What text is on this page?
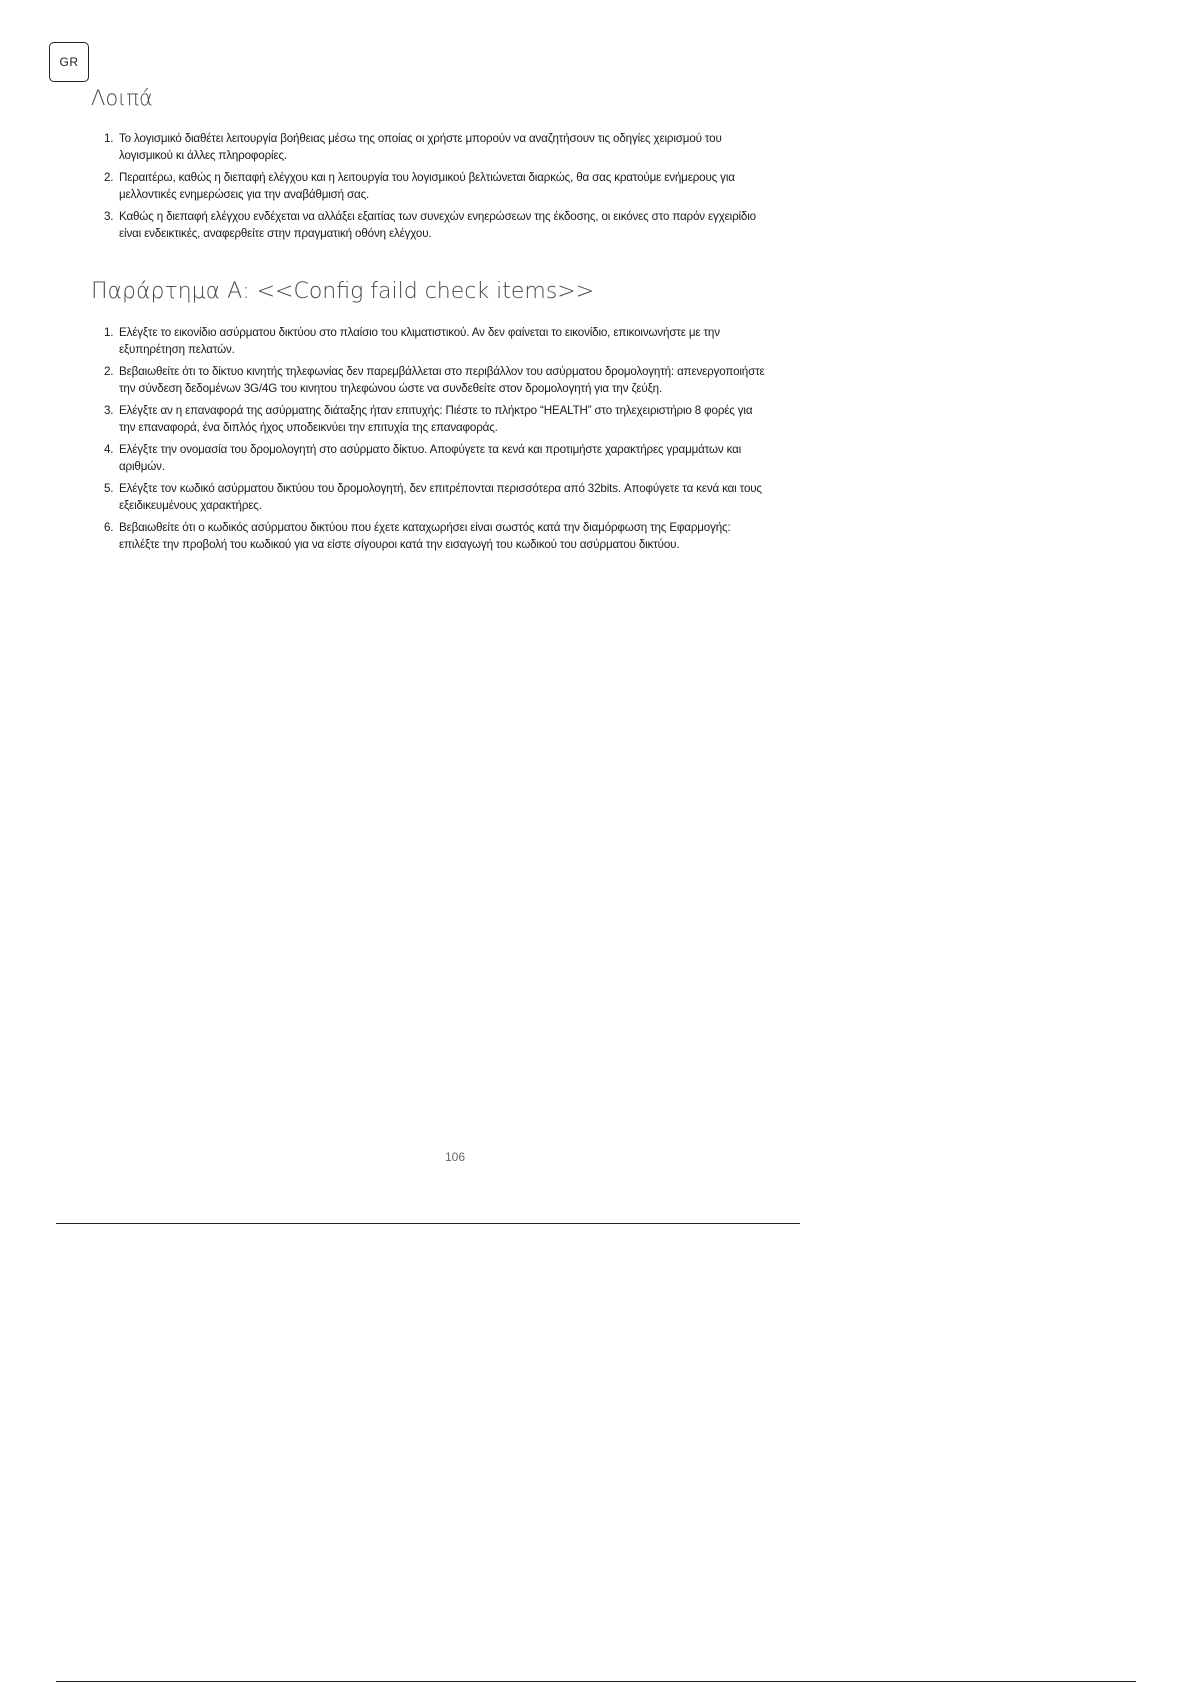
GR
Λοιπά
1. Το λογισμικό διαθέτει λειτουργία βοήθειας μέσω της οποίας οι χρήστε μπορούν να αναζητήσουν τις οδηγίες χειρισμού του λογισμικού κι άλλες πληροφορίες.
2. Περαιτέρω, καθώς η διεπαφή ελέγχου και η λειτουργία του λογισμικού βελτιώνεται διαρκώς, θα σας κρατούμε ενήμερους για μελλοντικές ενημερώσεις για την αναβάθμισή σας.
3. Καθώς η διεπαφή ελέγχου ενδέχεται να αλλάξει εξαιτίας των συνεχών ενηερώσεων της έκδοσης, οι εικόνες στο παρόν εγχειρίδιο είναι ενδεικτικές, αναφερθείτε στην πραγματική οθόνη ελέγχου.
Παράρτημα Α: <<Config faild check items>>
1. Ελέγξτε το εικονίδιο ασύρματου δικτύου στο πλαίσιο του κλιματιστικού. Αν δεν φαίνεται το εικονίδιο, επικοινωνήστε με την εξυπηρέτηση πελατών.
2. Βεβαιωθείτε ότι το δίκτυο κινητής τηλεφωνίας δεν παρεμβάλλεται στο περιβάλλον του ασύρματου δρομολογητή: απενεργοποιήστε την σύνδεση δεδομένων 3G/4G του κινητου τηλεφώνου ώστε να συνδεθείτε στον δρομολογητή για την ζεύξη.
3. Ελέγξτε αν η επαναφορά της ασύρματης διάταξης ήταν επιτυχής: Πιέστε το πλήκτρο “HEALTH” στο τηλεχειριστήριο 8 φορές για την επαναφορά, ένα διπλός ήχος υποδεικνύει την επιτυχία της επαναφοράς.
4. Ελέγξτε την ονομασία του δρομολογητή στο ασύρματο δίκτυο. Αποφύγετε τα κενά και προτιμήστε χαρακτήρες γραμμάτων και αριθμών.
5. Ελέγξτε τον κωδικό ασύρματου δικτύου του δρομολογητή, δεν επιτρέπονται περισσότερα από 32bits. Αποφύγετε τα κενά και τους εξειδικευμένους χαρακτήρες.
6. Βεβαιωθείτε ότι ο κωδικός ασύρματου δικτύου που έχετε καταχωρήσει είναι σωστός κατά την διαμόρφωση της Εφαρμογής: επιλέξτε την προβολή του κωδικού για να είστε σίγουροι κατά την εισαγωγή του κωδικού του ασύρματου δικτύου.
106
